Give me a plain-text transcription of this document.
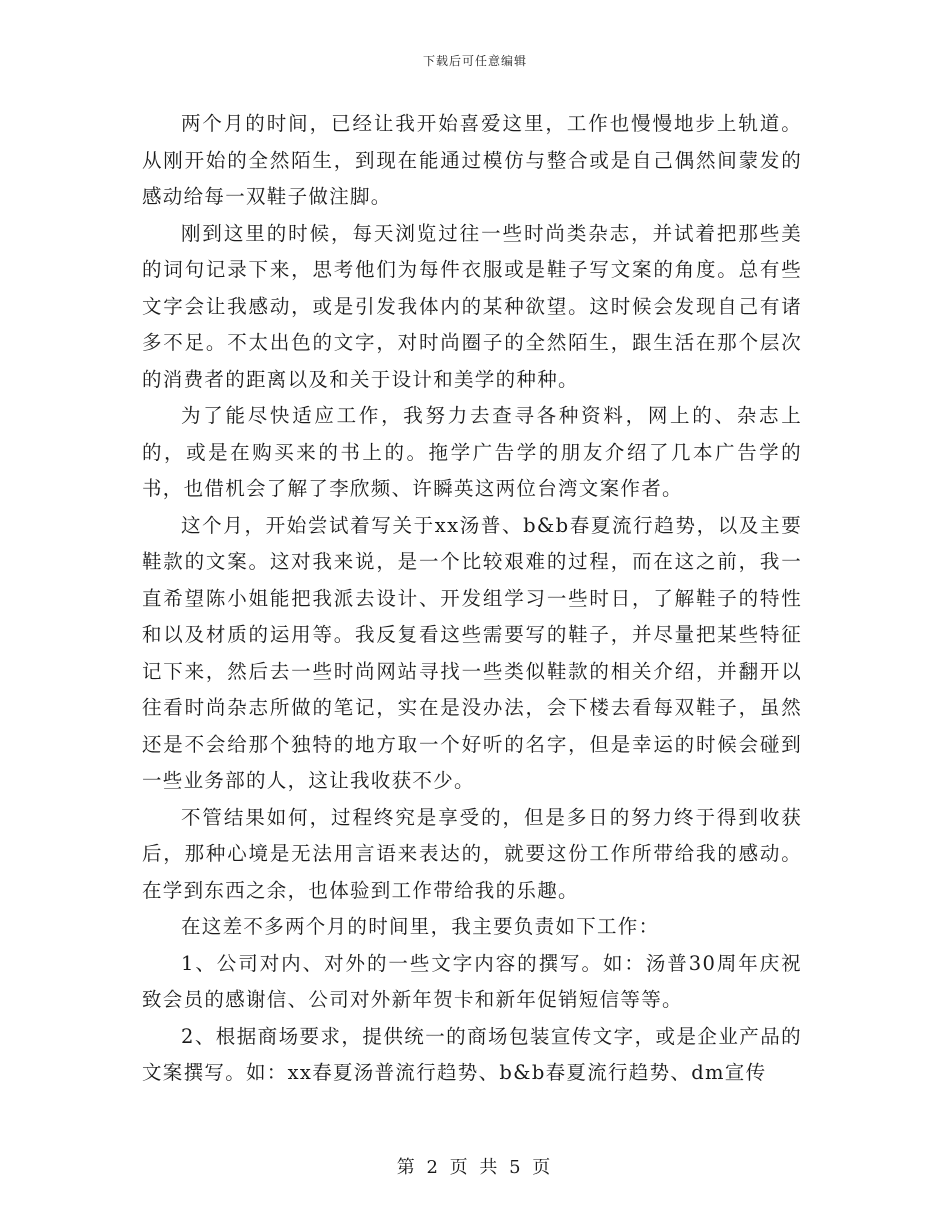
下载后可任意编辑

两个月的时间，已经让我开始喜爱这里，工作也慢慢地步上轨道。从刚开始的全然陌生，到现在能通过模仿与整合或是自己偶然间蒙发的感动给每一双鞋子做注脚。

刚到这里的时候，每天浏览过往一些时尚类杂志，并试着把那些美的词句记录下来，思考他们为每件衣服或是鞋子写文案的角度。总有些文字会让我感动，或是引发我体内的某种欲望。这时候会发现自己有诸多不足。不太出色的文字，对时尚圈子的全然陌生，跟生活在那个层次的消费者的距离以及和关于设计和美学的种种。

为了能尽快适应工作，我努力去查寻各种资料，网上的、杂志上的，或是在购买来的书上的。拖学广告学的朋友介绍了几本广告学的书，也借机会了解了李欣频、许瞬英这两位台湾文案作者。

这个月，开始尝试着写关于xx汤普、b&b春夏流行趋势，以及主要鞋款的文案。这对我来说，是一个比较艰难的过程，而在这之前，我一直希望陈小姐能把我派去设计、开发组学习一些时日，了解鞋子的特性和以及材质的运用等。我反复看这些需要写的鞋子，并尽量把某些特征记下来，然后去一些时尚网站寻找一些类似鞋款的相关介绍，并翻开以往看时尚杂志所做的笔记，实在是没办法，会下楼去看每双鞋子，虽然还是不会给那个独特的地方取一个好听的名字，但是幸运的时候会碰到一些业务部的人，这让我收获不少。

不管结果如何，过程终究是享受的，但是多日的努力终于得到收获后，那种心境是无法用言语来表达的，就要这份工作所带给我的感动。在学到东西之余，也体验到工作带给我的乐趣。

在这差不多两个月的时间里，我主要负责如下工作：

1、公司对内、对外的一些文字内容的撰写。如：汤普30周年庆祝致会员的感谢信、公司对外新年贺卡和新年促销短信等等。

2、根据商场要求，提供统一的商场包装宣传文字，或是企业产品的文案撰写。如：xx春夏汤普流行趋势、b&b春夏流行趋势、dm宣传

第 2 页 共 5 页
